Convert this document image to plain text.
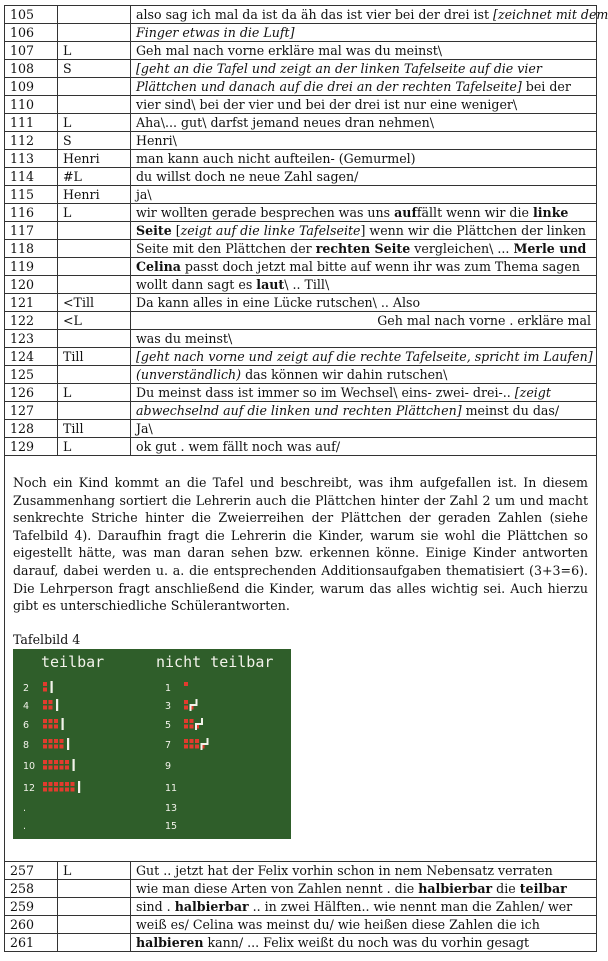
105		also sag ich mal da ist da äh das ist vier bei der drei ist [zeichnet mit dem
106		Finger etwas in die Luft]
107	L	Geh mal nach vorne erkläre mal was du meinst\
108	S	[geht an die Tafel und zeigt an der linken Tafelseite auf die vier
109		Plättchen und danach auf die drei an der rechten Tafelseite] bei der
110		vier sind\ bei der vier und bei der drei ist nur eine weniger\
111	L	Aha\... gut\ darfst jemand neues dran nehmen\
112	S	Henri\
113	Henri	man kann auch nicht aufteilen- (Gemurmel)
114	#L	du willst doch ne neue Zahl sagen/
115	Henri	ja\
116	L	wir wollten gerade besprechen was uns auffällt wenn wir die linke
117		Seite [zeigt auf die linke Tafelseite] wenn wir die Plättchen der linken
118		Seite mit den Plättchen der rechten Seite vergleichen\ ... Merle und
119		Celina passt doch jetzt mal bitte auf wenn ihr was zum Thema sagen
120		wollt dann sagt es laut\ .. Till\
121	<Till	Da kann alles in eine Lücke rutschen\ .. Also
122	<L	Geh mal nach vorne . erkläre mal
123		was du meinst\
124	Till	[geht nach vorne und zeigt auf die rechte Tafelseite, spricht im Laufen]
125		(unverständlich) das können wir dahin rutschen\
126	L	Du meinst dass ist immer so im Wechsel\ eins- zwei- drei-.. [zeigt
127		abwechselnd auf die linken und rechten Plättchen] meinst du das/
128	Till	Ja\
129	L	ok gut . wem fällt noch was auf/

Noch ein Kind kommt an die Tafel und beschreibt, was ihm aufgefallen ist. In diesem Zusammenhang sortiert die Lehrerin auch die Plättchen hinter der Zahl 2 um und macht senkrechte Striche hinter die Zweierreihen der Plättchen der geraden Zahlen (siehe Tafelbild 4). Daraufhin fragt die Lehrerin die Kinder, warum sie wohl die Plättchen so eigestellt hätte, was man daran sehen bzw. erkennen könne. Einige Kinder antworten darauf, dabei werden u. a. die entsprechenden Additionsaufgaben thematisiert (3+3=6). Die Lehrperson fragt anschließend die Kinder, warum das alles wichtig sei. Auch hierzu gibt es unterschiedliche Schülerantworten.

Tafelbild 4
teilbar	nicht teilbar
2
4
6
8
10
12
.
.
1
3
5
7
9
11
13
15
257	L	Gut .. jetzt hat der Felix vorhin schon in nem Nebensatz verraten
258		wie man diese Arten von Zahlen nennt . die halbierbar die teilbar
259		sind . halbierbar .. in zwei Hälften.. wie nennt man die Zahlen/ wer
260		weiß es/ Celina was meinst du/ wie heißen diese Zahlen die ich
261		halbieren kann/ ... Felix weißt du noch was du vorhin gesagt
